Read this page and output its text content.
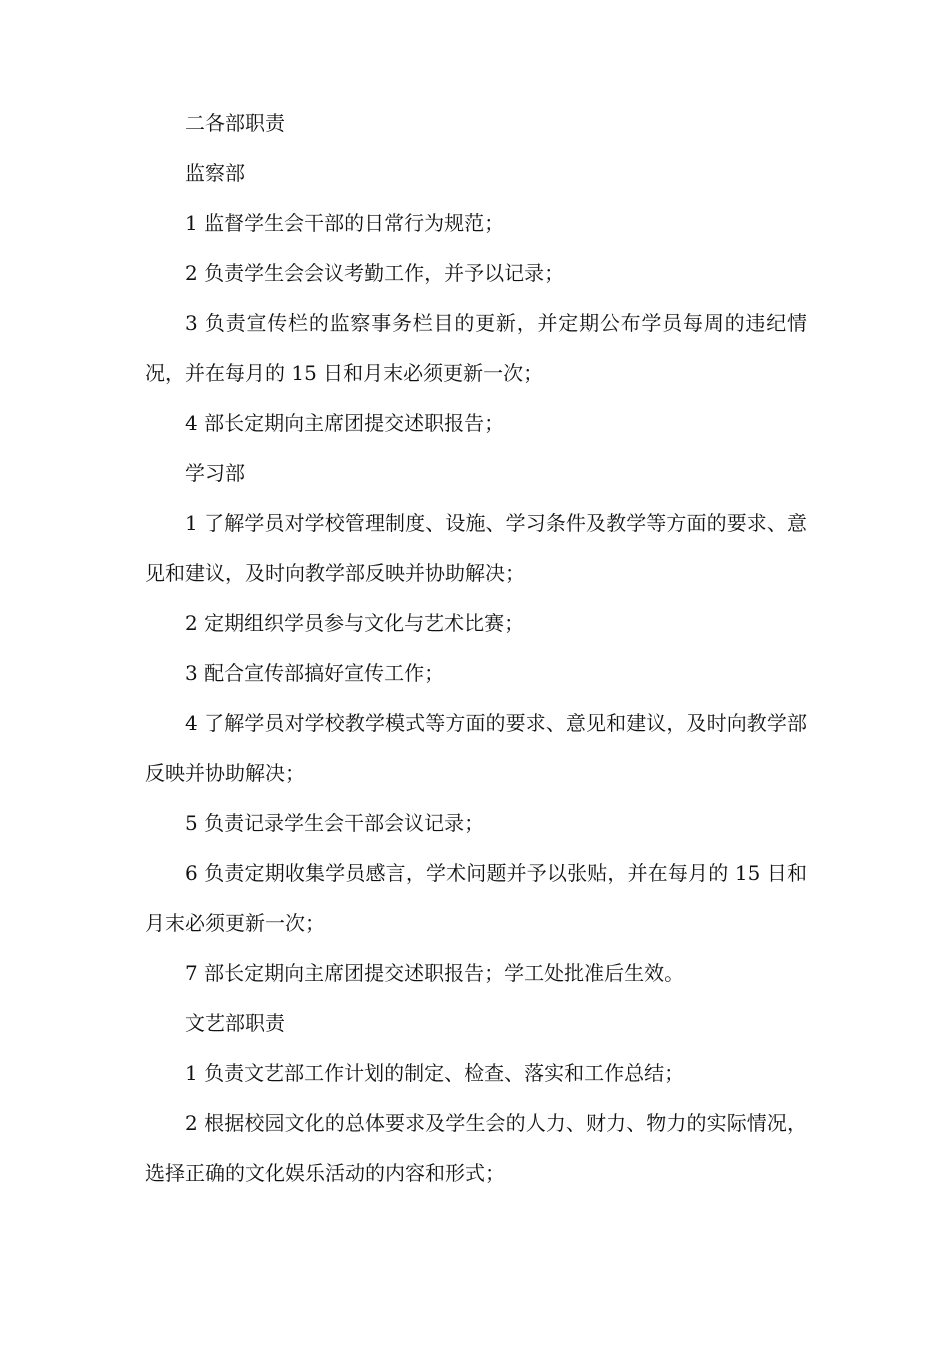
二各部职责

监察部

1 监督学生会干部的日常行为规范；

2 负责学生会会议考勤工作，并予以记录；

3 负责宣传栏的监察事务栏目的更新，并定期公布学员每周的违纪情况，并在每月的 15 日和月末必须更新一次；

4 部长定期向主席团提交述职报告；

学习部

1 了解学员对学校管理制度、设施、学习条件及教学等方面的要求、意见和建议，及时向教学部反映并协助解决；

2 定期组织学员参与文化与艺术比赛；

3 配合宣传部搞好宣传工作；

4 了解学员对学校教学模式等方面的要求、意见和建议，及时向教学部反映并协助解决；

5 负责记录学生会干部会议记录；

6 负责定期收集学员感言，学术问题并予以张贴，并在每月的 15 日和月末必须更新一次；

7 部长定期向主席团提交述职报告；学工处批准后生效。

文艺部职责

1 负责文艺部工作计划的制定、检查、落实和工作总结；

2 根据校园文化的总体要求及学生会的人力、财力、物力的实际情况，选择正确的文化娱乐活动的内容和形式；
